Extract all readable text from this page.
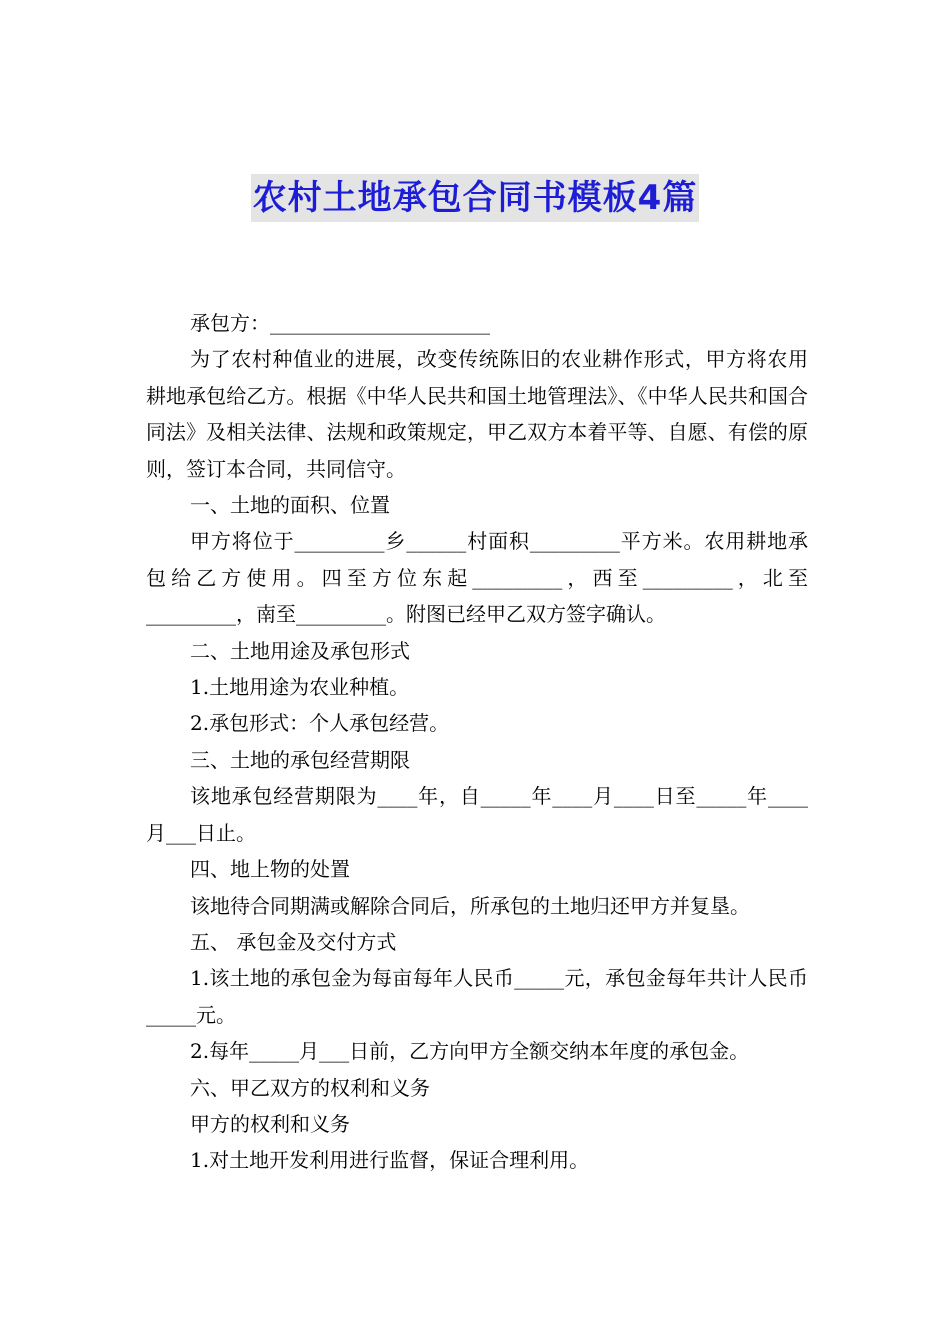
农村土地承包合同书模板4篇

承包方：______________________

为了农村种值业的进展，改变传统陈旧的农业耕作形式，甲方将农用耕地承包给乙方。根据《中华人民共和国土地管理法》、《中华人民共和国合同法》及相关法律、法规和政策规定，甲乙双方本着平等、自愿、有偿的原则，签订本合同，共同信守。

一、土地的面积、位置

甲方将位于_________乡______村面积_________平方米。农用耕地承包给乙方使用。四至方位东起_________，西至_________，北至_________，南至_________。附图已经甲乙双方签字确认。

二、土地用途及承包形式

1.土地用途为农业种植。

2.承包形式：个人承包经营。

三、土地的承包经营期限

该地承包经营期限为____年，自_____年____月____日至_____年____月___日止。

四、地上物的处置

该地待合同期满或解除合同后，所承包的土地归还甲方并复垦。

五、 承包金及交付方式

1.该土地的承包金为每亩每年人民币_____元，承包金每年共计人民币_____元。

2.每年_____月___日前，乙方向甲方全额交纳本年度的承包金。

六、甲乙双方的权利和义务

甲方的权利和义务

1.对土地开发利用进行监督，保证合理利用。
